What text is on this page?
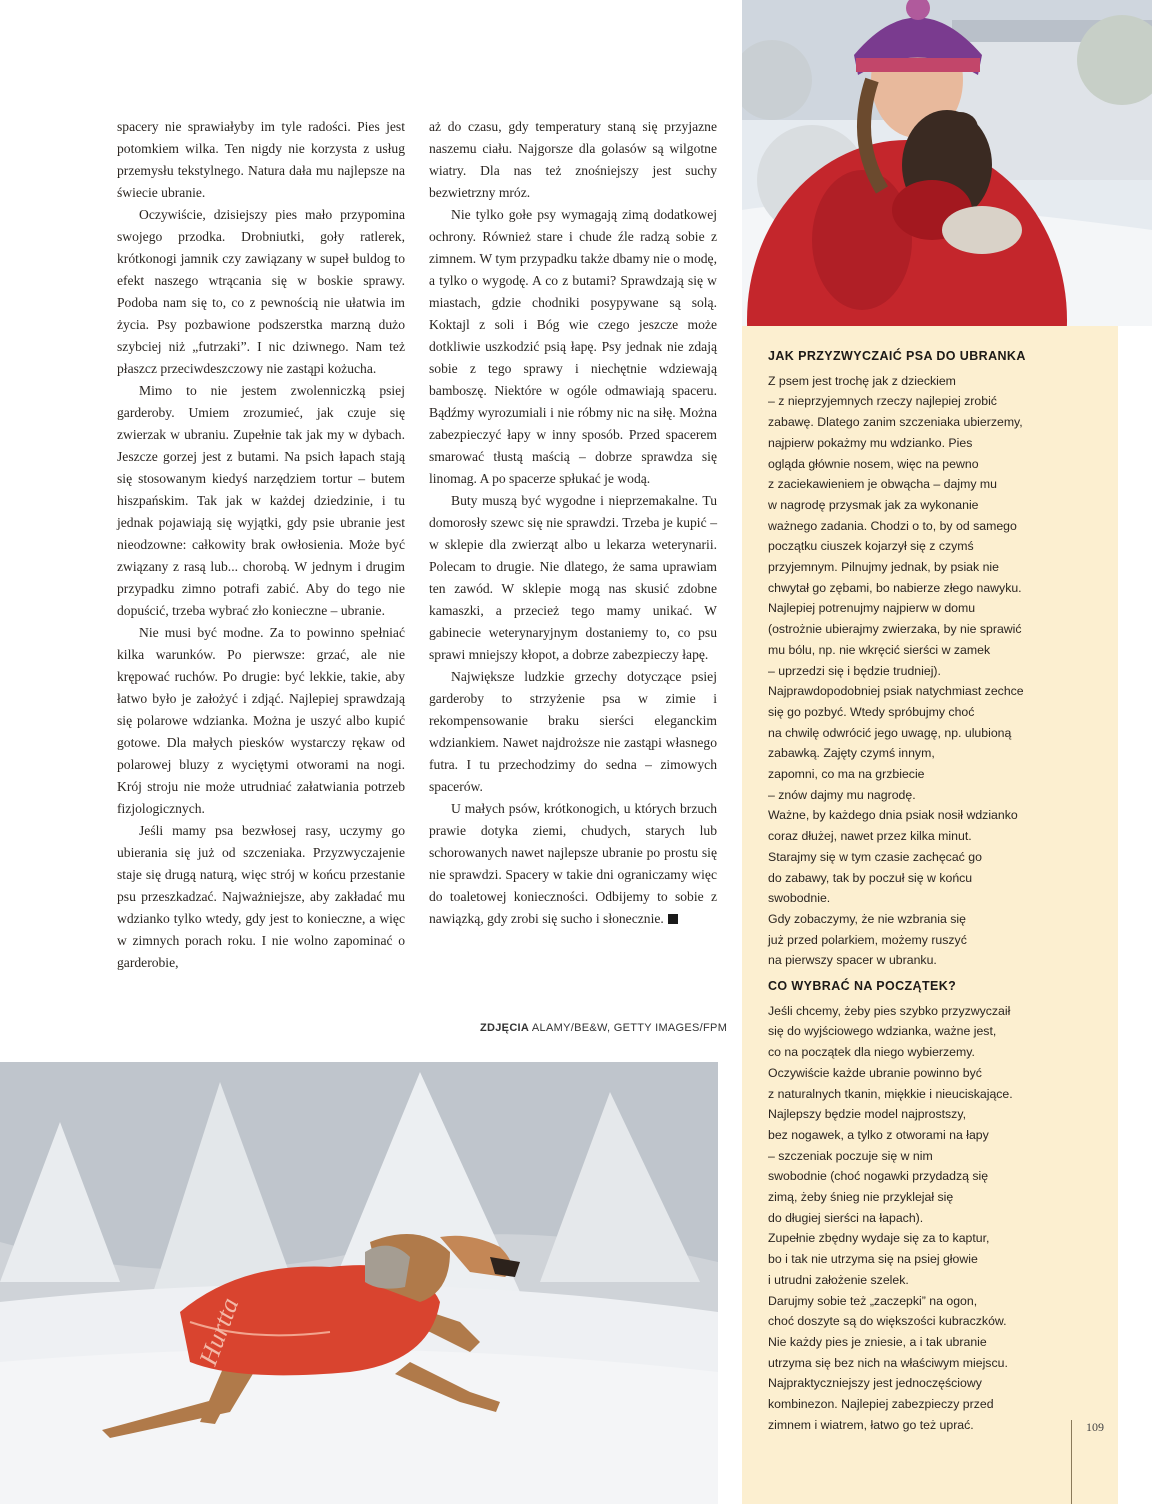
spacery nie sprawiałyby im tyle radości. Pies jest potomkiem wilka. Ten nigdy nie korzysta z usług przemysłu tekstylnego. Natura dała mu najlepsze na świecie ubranie.

Oczywiście, dzisiejszy pies mało przypomina swojego przodka. Drobniutki, goły ratlerek, krótkonogi jamnik czy zawiązany w supeł buldog to efekt naszego wtrącania się w boskie sprawy. Podoba nam się to, co z pewnością nie ułatwia im życia. Psy pozbawione podszerstka marzną dużo szybciej niż „futrzaki”. I nic dziwnego. Nam też płaszcz przeciwdeszczowy nie zastąpi kożucha.

Mimo to nie jestem zwolenniczką psiej garderoby. Umiem zrozumieć, jak czuje się zwierzak w ubraniu. Zupełnie tak jak my w dybach. Jeszcze gorzej jest z butami. Na psich łapach stają się stosowanym kiedyś narzędziem tortur – butem hiszpańskim. Tak jak w każdej dziedzinie, i tu jednak pojawiają się wyjątki, gdy psie ubranie jest nieodzowne: całkowity brak owłosienia. Może być związany z rasą lub... chorobą. W jednym i drugim przypadku zimno potrafi zabić. Aby do tego nie dopuścić, trzeba wybrać zło konieczne – ubranie.

Nie musi być modne. Za to powinno spełniać kilka warunków. Po pierwsze: grzać, ale nie krępować ruchów. Po drugie: być lekkie, takie, aby łatwo było je założyć i zdjąć. Najlepiej sprawdzają się polarowe wdzianka. Można je uszyć albo kupić gotowe. Dla małych piesków wystarczy rękaw od polarowej bluzy z wyciętymi otworami na nogi. Krój stroju nie może utrudniać załatwiania potrzeb fizjologicznych.

Jeśli mamy psa bezwłosej rasy, uczymy go ubierania się już od szczeniaka. Przyzwyczajenie staje się drugą naturą, więc strój w końcu przestanie psu przeszkadzać. Najważniejsze, aby zakładać mu wdzianko tylko wtedy, gdy jest to konieczne, a więc w zimnych porach roku. I nie wolno zapominać o garderobie,

aż do czasu, gdy temperatury staną się przyjazne naszemu ciału. Najgorsze dla golasów są wilgotne wiatry. Dla nas też znośniejszy jest suchy bezwietrzny mróz.

Nie tylko gołe psy wymagają zimą dodatkowej ochrony. Również stare i chude źle radzą sobie z zimnem. W tym przypadku także dbamy nie o modę, a tylko o wygodę. A co z butami? Sprawdzają się w miastach, gdzie chodniki posypywane są solą. Koktajl z soli i Bóg wie czego jeszcze może dotkliwie uszkodzić psią łapę. Psy jednak nie zdają sobie z tego sprawy i niechętnie wdziewają bamboszę. Niektóre w ogóle odmawiają spaceru. Bądźmy wyrozumiali i nie róbmy nic na siłę. Można zabezpieczyć łapy w inny sposób. Przed spacerem smarować tłustą maścią – dobrze sprawdza się linomag. A po spacerze spłukać je wodą.

Buty muszą być wygodne i nieprzemakalne. Tu domorosły szewc się nie sprawdzi. Trzeba je kupić – w sklepie dla zwierząt albo u lekarza weterynarii. Polecam to drugie. Nie dlatego, że sama uprawiam ten zawód. W sklepie mogą nas skusić zdobne kamaszki, a przecież tego mamy unikać. W gabinecie weterynaryjnym dostaniemy to, co psu sprawi mniejszy kłopot, a dobrze zabezpieczy łapę.

Największe ludzkie grzechy dotyczące psiej garderoby to strzyżenie psa w zimie i rekompensowanie braku sierści eleganckim wdziankiem. Nawet najdroższe nie zastąpi własnego futra. I tu przechodzimy do sedna – zimowych spacerów.

U małych psów, krótkonogich, u których brzuch prawie dotyka ziemi, chudych, starych lub schorowanych nawet najlepsze ubranie po prostu się nie sprawdzi. Spacery w takie dni ograniczamy więc do toaletowej konieczności. Odbijemy to sobie z nawiązką, gdy zrobi się sucho i słonecznie.

ZDJĘCIA ALAMY/BE&W, GETTY IMAGES/FPM
Hurtta
JAK PRZYZWYCZAIĆ PSA DO UBRANKA
Z psem jest trochę jak z dzieckiem
– z nieprzyjemnych rzeczy najlepiej zrobić
zabawę. Dlatego zanim szczeniaka ubierzemy,
najpierw pokażmy mu wdzianko. Pies
ogląda głównie nosem, więc na pewno
z zaciekawieniem je obwącha – dajmy mu
w nagrodę przysmak jak za wykonanie
ważnego zadania. Chodzi o to, by od samego
początku ciuszek kojarzył się z czymś
przyjemnym. Pilnujmy jednak, by psiak nie
chwytał go zębami, bo nabierze złego nawyku.
Najlepiej potrenujmy najpierw w domu
(ostrożnie ubierajmy zwierzaka, by nie sprawić
mu bólu, np. nie wkręcić sierści w zamek
– uprzedzi się i będzie trudniej).
Najprawdopodobniej psiak natychmiast zechce
się go pozbyć. Wtedy spróbujmy choć
na chwilę odwrócić jego uwagę, np. ulubioną
zabawką. Zajęty czymś innym,
zapomni, co ma na grzbiecie
– znów dajmy mu nagrodę.
Ważne, by każdego dnia psiak nosił wdzianko
coraz dłużej, nawet przez kilka minut.
Starajmy się w tym czasie zachęcać go
do zabawy, tak by poczuł się w końcu
swobodnie.
Gdy zobaczymy, że nie wzbrania się
już przed polarkiem, możemy ruszyć
na pierwszy spacer w ubranku.
CO WYBRAĆ NA POCZĄTEK?
Jeśli chcemy, żeby pies szybko przyzwyczaił
się do wyjściowego wdzianka, ważne jest,
co na początek dla niego wybierzemy.
Oczywiście każde ubranie powinno być
z naturalnych tkanin, miękkie i nieuciskające.
Najlepszy będzie model najprostszy,
bez nogawek, a tylko z otworami na łapy
– szczeniak poczuje się w nim
swobodnie (choć nogawki przydadzą się
zimą, żeby śnieg nie przyklejał się
do długiej sierści na łapach).
Zupełnie zbędny wydaje się za to kaptur,
bo i tak nie utrzyma się na psiej głowie
i utrudni założenie szelek.
Darujmy sobie też „zaczepki” na ogon,
choć doszyte są do większości kubraczków.
Nie każdy pies je zniesie, a i tak ubranie
utrzyma się bez nich na właściwym miejscu.
Najpraktyczniejszy jest jednoczęściowy
kombinezon. Najlepiej zabezpieczy przed
zimnem i wiatrem, łatwo go też uprać.	109
